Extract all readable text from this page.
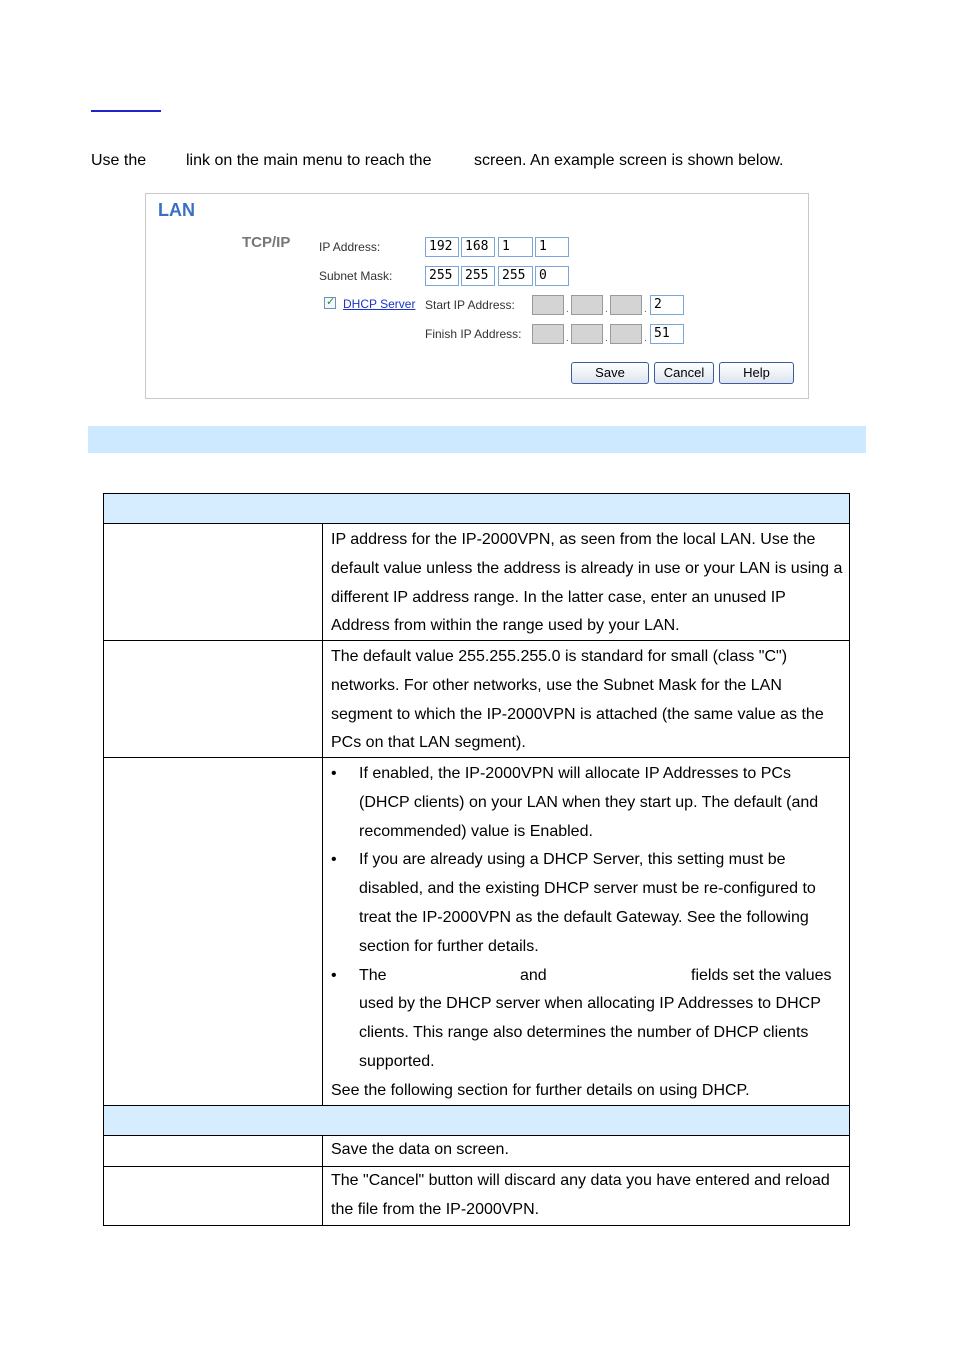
Use the link on the main menu to reach the	screen. An example screen is shown below.
LAN
TCP/IP IP Address:	192 168	1	1
Subnet Mask:	255 255	255	0
✓ DHCP Server Start IP Address:	.	.	. 2
Finish IP Address:	.	.	. 51
Save	Cancel	Help
IP address for the IP-2000VPN, as seen from the local LAN. Use the default value unless the address is already in use or your LAN is using a different IP address range. In the latter case, enter an unused IP Address from within the range used by your LAN.
The default value 255.255.255.0 is standard for small (class "C") networks. For other networks, use the Subnet Mask for the LAN segment to which the IP-2000VPN is attached (the same value as the PCs on that LAN segment).
• If enabled, the IP-2000VPN will allocate IP Addresses to PCs (DHCP clients) on your LAN when they start up. The default (and recommended) value is Enabled.
• If you are already using a DHCP Server, this setting must be disabled, and the existing DHCP server must be re-configured to treat the IP-2000VPN as the default Gateway. See the following section for further details.
• The	and	fields set the values
used by the DHCP server when allocating IP Addresses to DHCP clients. This range also determines the number of DHCP clients supported.
See the following section for further details on using DHCP.
Save the data on screen.
The "Cancel" button will discard any data you have entered and reload the file from the IP-2000VPN.
